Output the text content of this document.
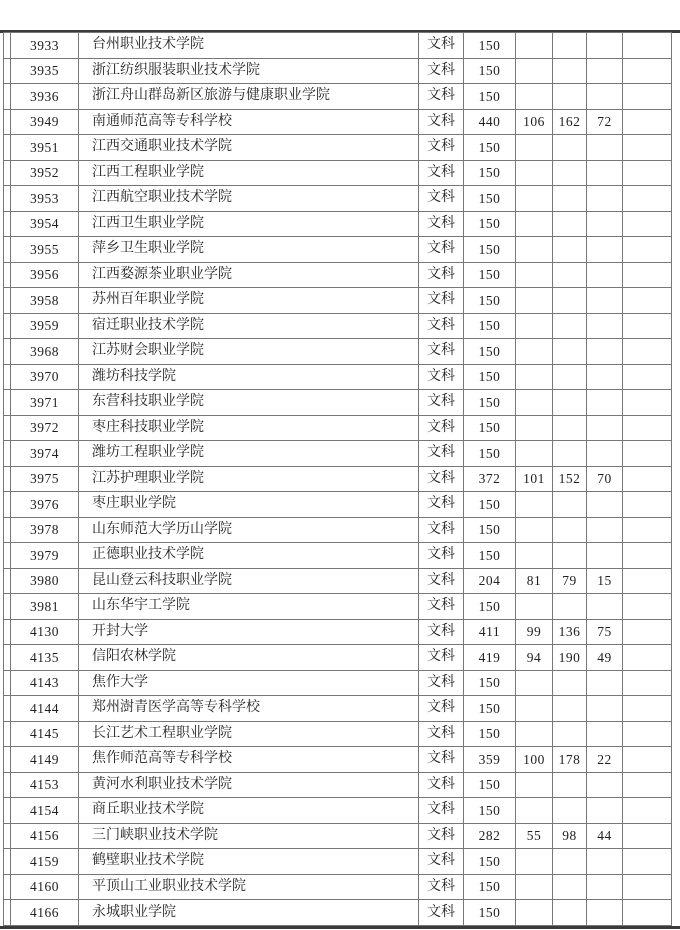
	3933	台州职业技术学院	文科	150				
	3935	浙江纺织服装职业技术学院	文科	150				
	3936	浙江舟山群岛新区旅游与健康职业学院	文科	150				
	3949	南通师范高等专科学校	文科	440	106	162	72	
	3951	江西交通职业技术学院	文科	150				
	3952	江西工程职业学院	文科	150				
	3953	江西航空职业技术学院	文科	150				
	3954	江西卫生职业学院	文科	150				
	3955	萍乡卫生职业学院	文科	150				
	3956	江西婺源茶业职业学院	文科	150				
	3958	苏州百年职业学院	文科	150				
	3959	宿迁职业技术学院	文科	150				
	3968	江苏财会职业学院	文科	150				
	3970	潍坊科技学院	文科	150				
	3971	东营科技职业学院	文科	150				
	3972	枣庄科技职业学院	文科	150				
	3974	潍坊工程职业学院	文科	150				
	3975	江苏护理职业学院	文科	372	101	152	70	
	3976	枣庄职业学院	文科	150				
	3978	山东师范大学历山学院	文科	150				
	3979	正德职业技术学院	文科	150				
	3980	昆山登云科技职业学院	文科	204	81	79	15	
	3981	山东华宇工学院	文科	150				
	4130	开封大学	文科	411	99	136	75	
	4135	信阳农林学院	文科	419	94	190	49	
	4143	焦作大学	文科	150				
	4144	郑州澍青医学高等专科学校	文科	150				
	4145	长江艺术工程职业学院	文科	150				
	4149	焦作师范高等专科学校	文科	359	100	178	22	
	4153	黄河水利职业技术学院	文科	150				
	4154	商丘职业技术学院	文科	150				
	4156	三门峡职业技术学院	文科	282	55	98	44	
	4159	鹤壁职业技术学院	文科	150				
	4160	平顶山工业职业技术学院	文科	150				
	4166	永城职业学院	文科	150				
